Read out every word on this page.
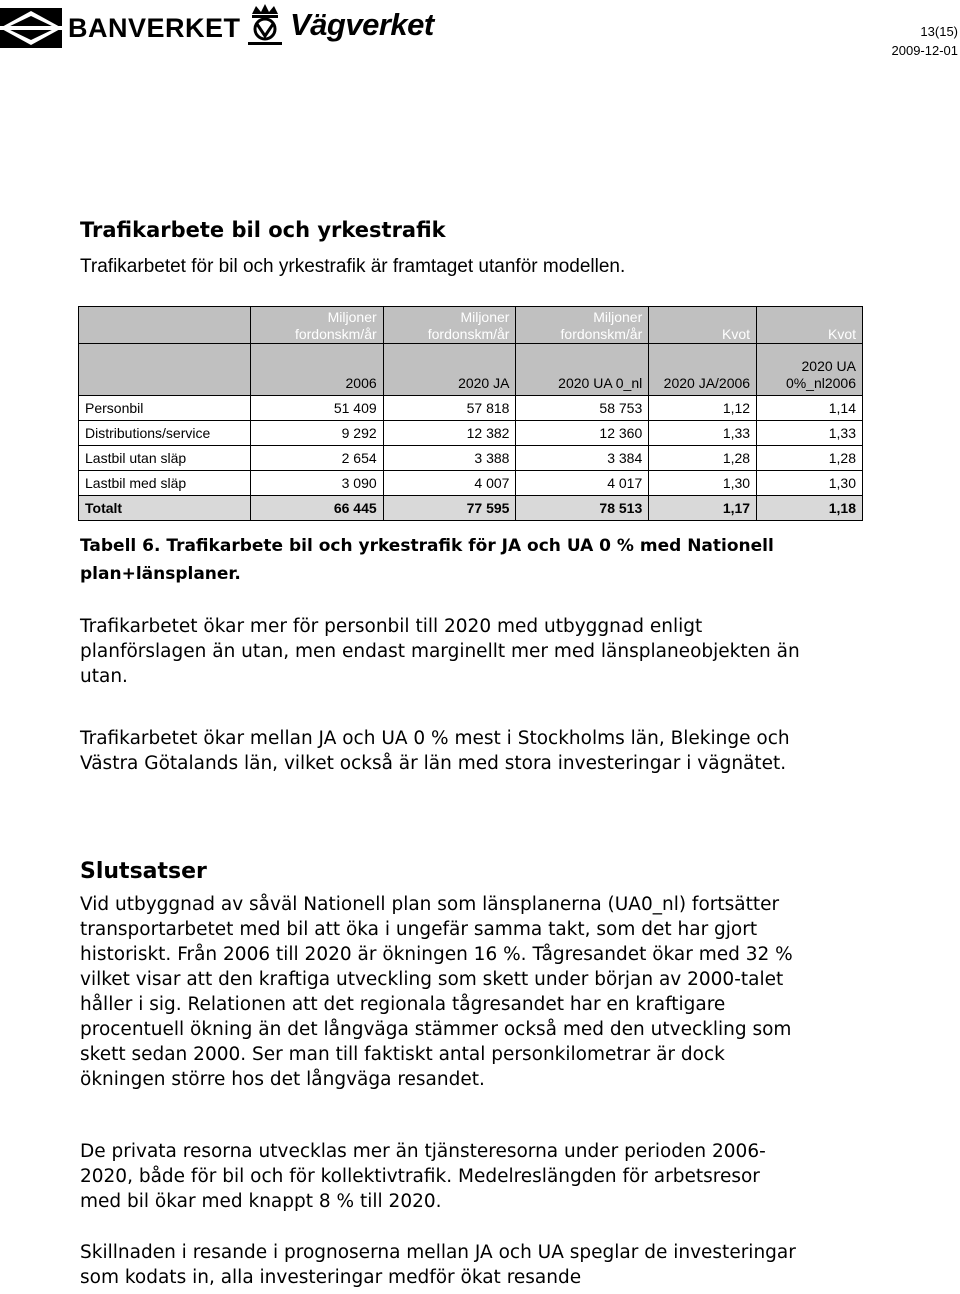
BANVERKET Vägverket	13(15)
2009-12-01
Trafikarbete bil och yrkestrafik

Trafikarbetet för bil och yrkestrafik är framtaget utanför modellen.

	Miljoner fordonskm/år	Miljoner fordonskm/år	Miljoner fordonskm/år	Kvot	Kvot
	2006	2020 JA	2020 UA 0_nl	2020 JA/2006	2020 UA 0%_nl2006
Personbil	51 409	57 818	58 753	1,12	1,14
Distributions/service	9 292	12 382	12 360	1,33	1,33
Lastbil utan släp	2 654	3 388	3 384	1,28	1,28
Lastbil med släp	3 090	4 007	4 017	1,30	1,30
Totalt	66 445	77 595	78 513	1,17	1,18

Tabell 6. Trafikarbete bil och yrkestrafik för JA och UA 0 % med Nationell plan+länsplaner.

Trafikarbetet ökar mer för personbil till 2020 med utbyggnad enligt planförslagen än utan, men endast marginellt mer med länsplaneobjekten än utan.

Trafikarbetet ökar mellan JA och UA 0 % mest i Stockholms län, Blekinge och Västra Götalands län, vilket också är län med stora investeringar i vägnätet.

Slutsatser

Vid utbyggnad av såväl Nationell plan som länsplanerna (UA0_nl) fortsätter transportarbetet med bil att öka i ungefär samma takt, som det har gjort historiskt. Från 2006 till 2020 är ökningen 16 %. Tågresandet ökar med 32 % vilket visar att den kraftiga utveckling som skett under början av 2000-talet håller i sig. Relationen att det regionala tågresandet har en kraftigare procentuell ökning än det långväga stämmer också med den utveckling som skett sedan 2000. Ser man till faktiskt antal personkilometrar är dock ökningen större hos det långväga resandet.

De privata resorna utvecklas mer än tjänsteresorna under perioden 2006-2020, både för bil och för kollektivtrafik. Medelreslängden för arbetsresor med bil ökar med knappt 8 % till 2020.

Skillnaden i resande i prognoserna mellan JA och UA speglar de investeringar som kodats in, alla investeringar medför ökat resande
